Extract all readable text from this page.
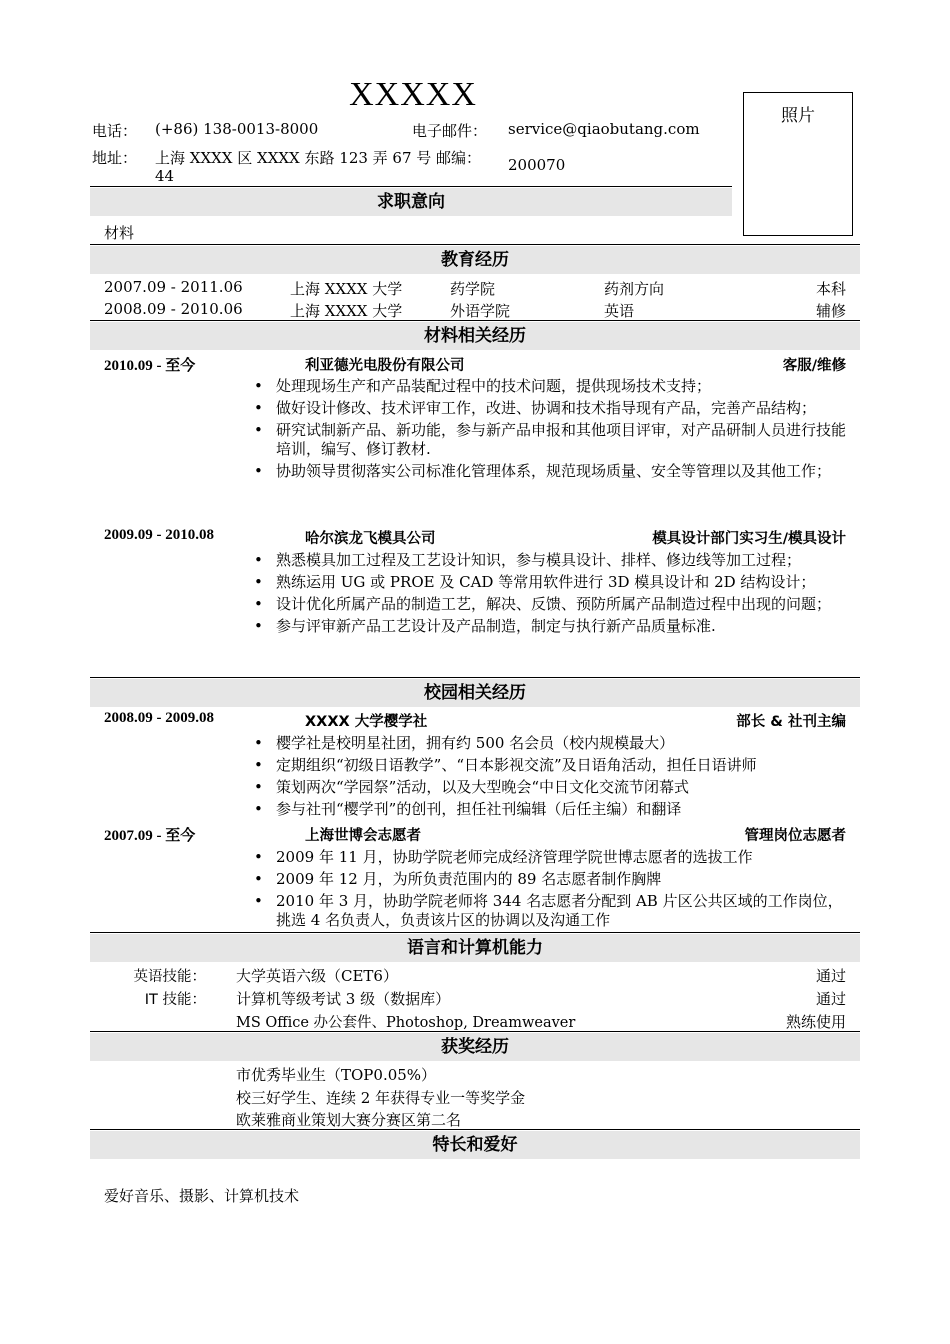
XXXXX
照片
电话： (+86) 138-0013-8000	电子邮件： service@qiaobutang.com
地址： 上海 XXXX 区 XXXX 东路 123 弄 67 号 邮编：
44
200070
求职意向
材料
教育经历
2007.09 - 2011.06	上海 XXXX 大学	药学院	药剂方向	本科
2008.09 - 2010.06	上海 XXXX 大学	外语学院	英语	辅修
材料相关经历
2010.09 - 至今	利亚德光电股份有限公司	客服/维修
• 处理现场生产和产品装配过程中的技术问题，提供现场技术支持；
• 做好设计修改、技术评审工作，改进、协调和技术指导现有产品，完善产品结构；
• 研究试制新产品、新功能，参与新产品申报和其他项目评审，对产品研制人员进行技能培训，编写、修订教材.
• 协助领导贯彻落实公司标准化管理体系，规范现场质量、安全等管理以及其他工作；
2009.09 - 2010.08	哈尔滨龙飞模具公司	模具设计部门实习生/模具设计
• 熟悉模具加工过程及工艺设计知识，参与模具设计、排样、修边线等加工过程；
• 熟练运用 UG 或 PROE 及 CAD 等常用软件进行 3D 模具设计和 2D 结构设计；
• 设计优化所属产品的制造工艺，解决、反馈、预防所属产品制造过程中出现的问题；
• 参与评审新产品工艺设计及产品制造，制定与执行新产品质量标准.
校园相关经历
2008.09 - 2009.08	XXXX 大学樱学社	部长 & 社刊主编
• 樱学社是校明星社团，拥有约 500 名会员（校内规模最大）
• 定期组织“初级日语教学”、“日本影视交流”及日语角活动，担任日语讲师
• 策划两次“学园祭”活动，以及大型晚会“中日文化交流节闭幕式
• 参与社刊“樱学刊”的创刊，担任社刊编辑（后任主编）和翻译
2007.09 - 至今	上海世博会志愿者	管理岗位志愿者
• 2009 年 11 月，协助学院老师完成经济管理学院世博志愿者的选拔工作
• 2009 年 12 月，为所负责范围内的 89 名志愿者制作胸牌
• 2010 年 3 月，协助学院老师将 344 名志愿者分配到 AB 片区公共区域的工作岗位，挑选 4 名负责人，负责该片区的协调以及沟通工作
语言和计算机能力
英语技能： 大学英语六级（CET6）	通过
IT 技能： 计算机等级考试 3 级（数据库）	通过
MS Office 办公套件、Photoshop, Dreamweaver	熟练使用
获奖经历
市优秀毕业生（TOP0.05%）
校三好学生、连续 2 年获得专业一等奖学金
欧莱雅商业策划大赛分赛区第二名
特长和爱好
爱好音乐、摄影、计算机技术
